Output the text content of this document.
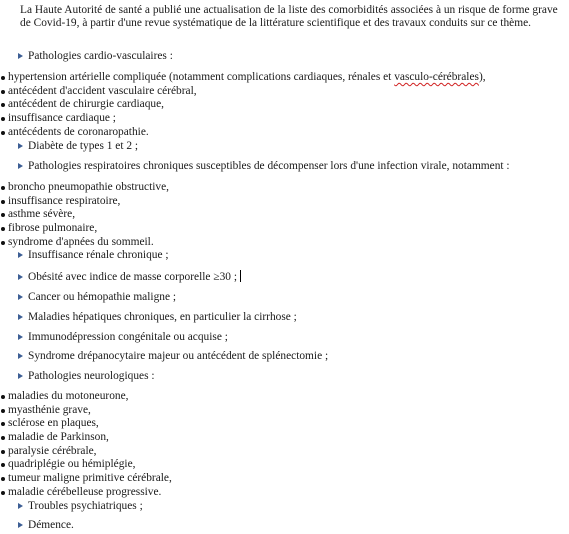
La Haute Autorité de santé a publié une actualisation de la liste des comorbidités associées à un risque de forme grave de Covid-19, à partir d'une revue systématique de la littérature scientifique et des travaux conduits sur ce thème.

Pathologies cardio-vasculaires :
hypertension artérielle compliquée (notamment complications cardiaques, rénales et vasculo-cérébrales),
antécédent d'accident vasculaire cérébral,
antécédent de chirurgie cardiaque,
insuffisance cardiaque ;
antécédents de coronaropathie.
Diabète de types 1 et 2 ;
Pathologies respiratoires chroniques susceptibles de décompenser lors d'une infection virale, notamment :
broncho pneumopathie obstructive,
insuffisance respiratoire,
asthme sévère,
fibrose pulmonaire,
syndrome d'apnées du sommeil.
Insuffisance rénale chronique ;
Obésité avec indice de masse corporelle ≥30 ;
Cancer ou hémopathie maligne ;
Maladies hépatiques chroniques, en particulier la cirrhose ;
Immunodépression congénitale ou acquise ;
Syndrome drépanocytaire majeur ou antécédent de splénectomie ;
Pathologies neurologiques :
maladies du motoneurone,
myasthénie grave,
sclérose en plaques,
maladie de Parkinson,
paralysie cérébrale,
quadriplégie ou hémiplégie,
tumeur maligne primitive cérébrale,
maladie cérébelleuse progressive.
Troubles psychiatriques ;
Démence.
